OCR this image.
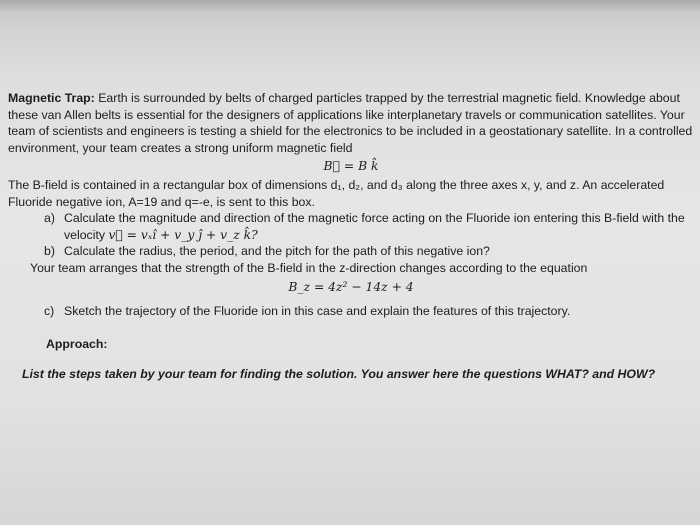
Magnetic Trap: Earth is surrounded by belts of charged particles trapped by the terrestrial magnetic field. Knowledge about these van Allen belts is essential for the designers of applications like interplanetary travels or communication satellites. Your team of scientists and engineers is testing a shield for the electronics to be included in a geostationary satellite. In a controlled environment, your team creates a strong uniform magnetic field

B⃗ = B k̂

The B-field is contained in a rectangular box of dimensions d₁, d₂, and d₃ along the three axes x, y, and z. An accelerated Fluoride negative ion, A=19 and q=-e, is sent to this box.

a) Calculate the magnitude and direction of the magnetic force acting on the Fluoride ion entering this B-field with the velocity v⃗ = vₓî + v_y ĵ + v_z k̂?
b) Calculate the radius, the period, and the pitch for the path of this negative ion?

Your team arranges that the strength of the B-field in the z-direction changes according to the equation

B_z = 4z² − 14z + 4
c) Sketch the trajectory of the Fluoride ion in this case and explain the features of this trajectory.

Approach:

List the steps taken by your team for finding the solution. You answer here the questions WHAT? and HOW?
